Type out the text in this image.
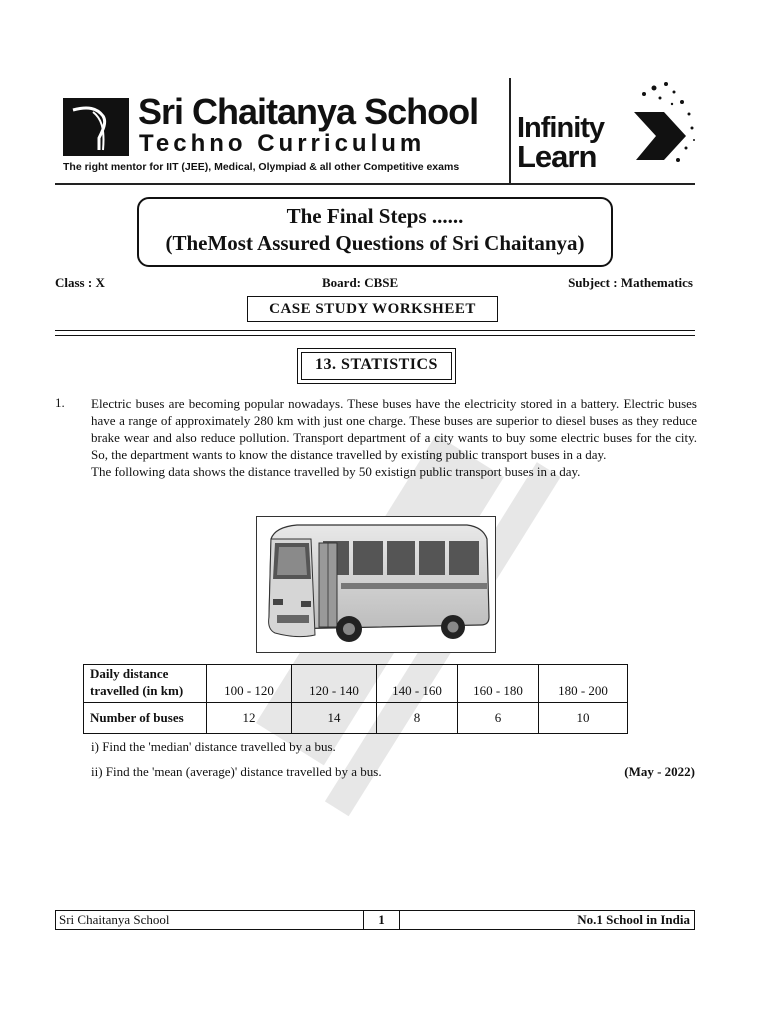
Sri Chaitanya School
Techno Curriculum
The right mentor for IIT (JEE), Medical, Olympiad & all other Competitive exams
Infinity
Learn
The Final Steps ......
(TheMost Assured Questions of Sri Chaitanya)
Class : X	Board: CBSE	Subject : Mathematics
CASE STUDY WORKSHEET
13. STATISTICS
1. Electric buses are becoming popular nowadays. These buses have the electricity stored in a battery. Electric buses have a range of approximately 280 km with just one charge. These buses are superior to diesel buses as they reduce brake wear and also reduce pollution. Transport department of a city wants to buy some electric buses for the city. So, the department wants to know the distance travelled by existing public transport buses in a day.

The following data shows the distance travelled by 50 existign public transport buses in a day.

Daily distance
travelled (in km)	100 - 120	120 - 140	140 - 160	160 - 180	180 - 200
Number of buses	12	14	8	6	10
i) Find the 'median' distance travelled by a bus.
ii) Find the 'mean (average)' distance travelled by a bus.	(May - 2022)
Sri Chaitanya School	1	No.1 School in India
